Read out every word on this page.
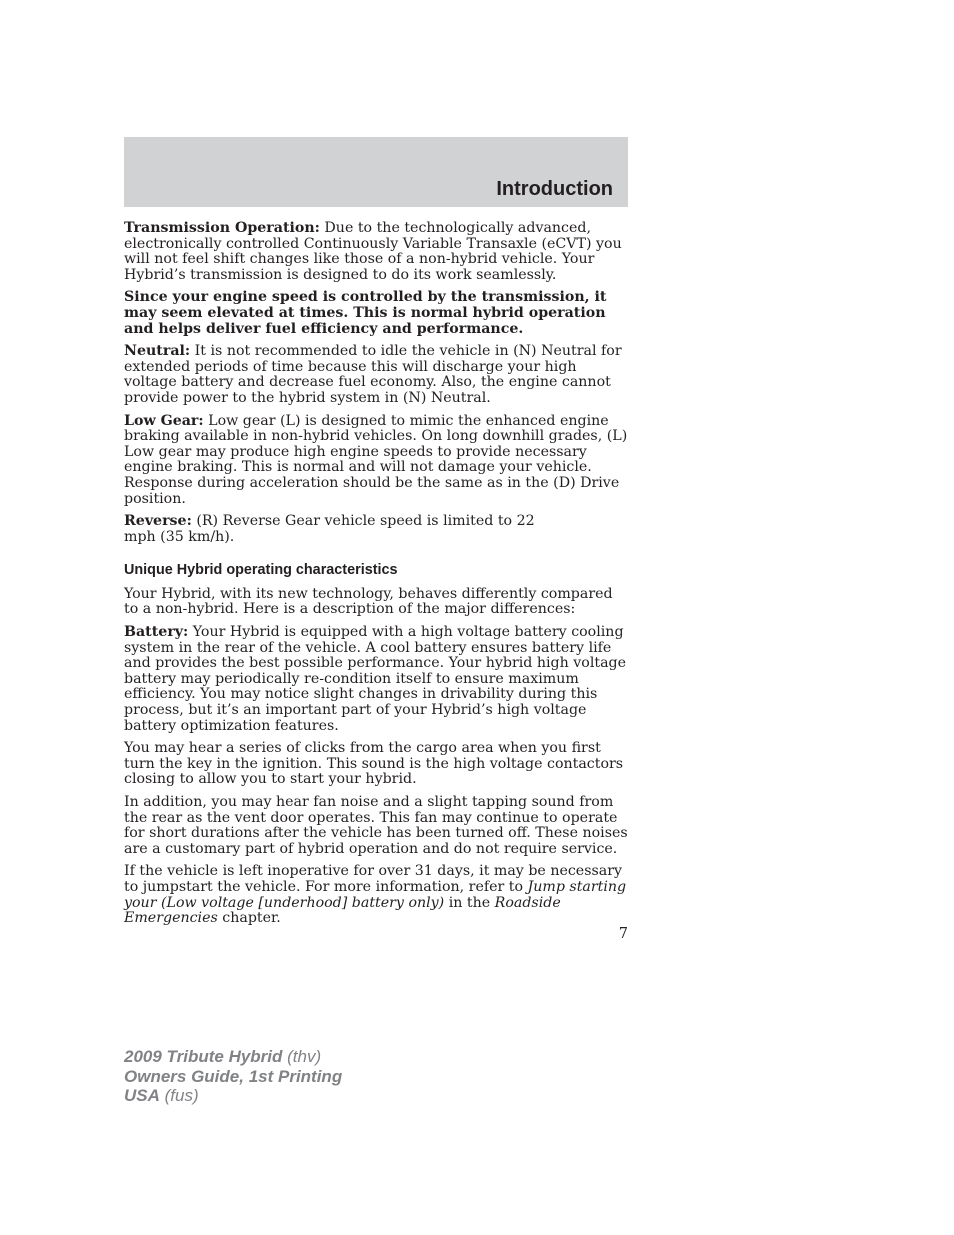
Introduction

Transmission Operation: Due to the technologically advanced, electronically controlled Continuously Variable Transaxle (eCVT) you will not feel shift changes like those of a non-hybrid vehicle. Your Hybrid’s transmission is designed to do its work seamlessly.

Since your engine speed is controlled by the transmission, it may seem elevated at times. This is normal hybrid operation and helps deliver fuel efficiency and performance.

Neutral: It is not recommended to idle the vehicle in (N) Neutral for extended periods of time because this will discharge your high voltage battery and decrease fuel economy. Also, the engine cannot provide power to the hybrid system in (N) Neutral.

Low Gear: Low gear (L) is designed to mimic the enhanced engine braking available in non-hybrid vehicles. On long downhill grades, (L) Low gear may produce high engine speeds to provide necessary engine braking. This is normal and will not damage your vehicle. Response during acceleration should be the same as in the (D) Drive position.

Reverse: (R) Reverse Gear vehicle speed is limited to 22 mph (35 km/h).

Unique Hybrid operating characteristics

Your Hybrid, with its new technology, behaves differently compared to a non-hybrid. Here is a description of the major differences:

Battery: Your Hybrid is equipped with a high voltage battery cooling system in the rear of the vehicle. A cool battery ensures battery life and provides the best possible performance. Your hybrid high voltage battery may periodically re-condition itself to ensure maximum efficiency. You may notice slight changes in drivability during this process, but it’s an important part of your Hybrid’s high voltage battery optimization features.

You may hear a series of clicks from the cargo area when you first turn the key in the ignition. This sound is the high voltage contactors closing to allow you to start your hybrid.

In addition, you may hear fan noise and a slight tapping sound from the rear as the vent door operates. This fan may continue to operate for short durations after the vehicle has been turned off. These noises are a customary part of hybrid operation and do not require service.

If the vehicle is left inoperative for over 31 days, it may be necessary to jumpstart the vehicle. For more information, refer to Jump starting your (Low voltage [underhood] battery only) in the Roadside Emergencies chapter.

7
2009 Tribute Hybrid (thv)
Owners Guide, 1st Printing
USA (fus)
